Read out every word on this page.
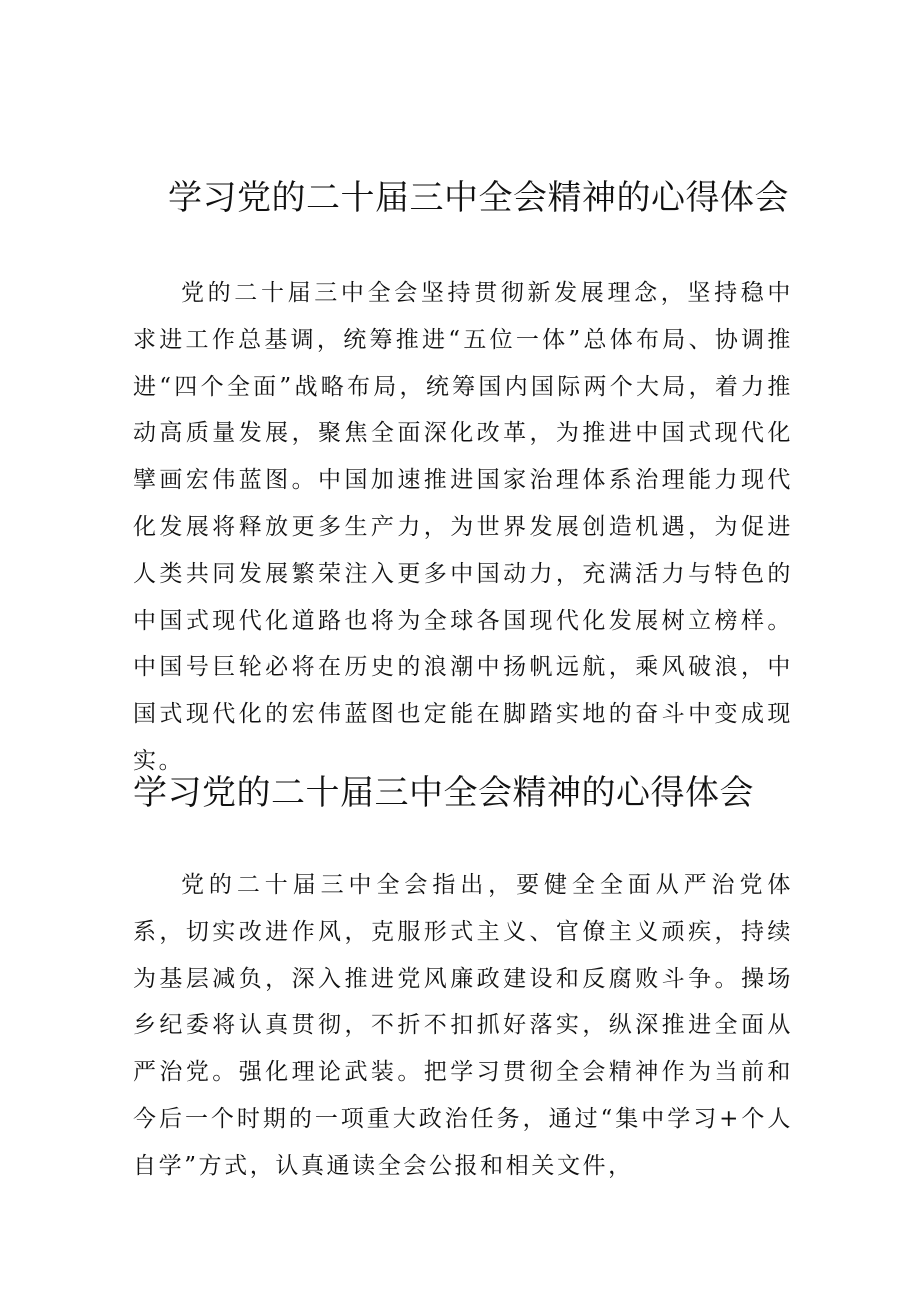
学习党的二十届三中全会精神的心得体会

党的二十届三中全会坚持贯彻新发展理念，坚持稳中求进工作总基调，统筹推进“五位一体”总体布局、协调推进“四个全面”战略布局，统筹国内国际两个大局，着力推动高质量发展，聚焦全面深化改革，为推进中国式现代化擘画宏伟蓝图。中国加速推进国家治理体系治理能力现代化发展将释放更多生产力，为世界发展创造机遇，为促进人类共同发展繁荣注入更多中国动力，充满活力与特色的中国式现代化道路也将为全球各国现代化发展树立榜样。中国号巨轮必将在历史的浪潮中扬帆远航，乘风破浪，中国式现代化的宏伟蓝图也定能在脚踏实地的奋斗中变成现实。

学习党的二十届三中全会精神的心得体会

党的二十届三中全会指出，要健全全面从严治党体系，切实改进作风，克服形式主义、官僚主义顽疾，持续为基层减负，深入推进党风廉政建设和反腐败斗争。操场乡纪委将认真贯彻，不折不扣抓好落实，纵深推进全面从严治党。强化理论武装。把学习贯彻全会精神作为当前和今后一个时期的一项重大政治任务，通过“集中学习+个人自学”方式，认真通读全会公报和相关文件，
